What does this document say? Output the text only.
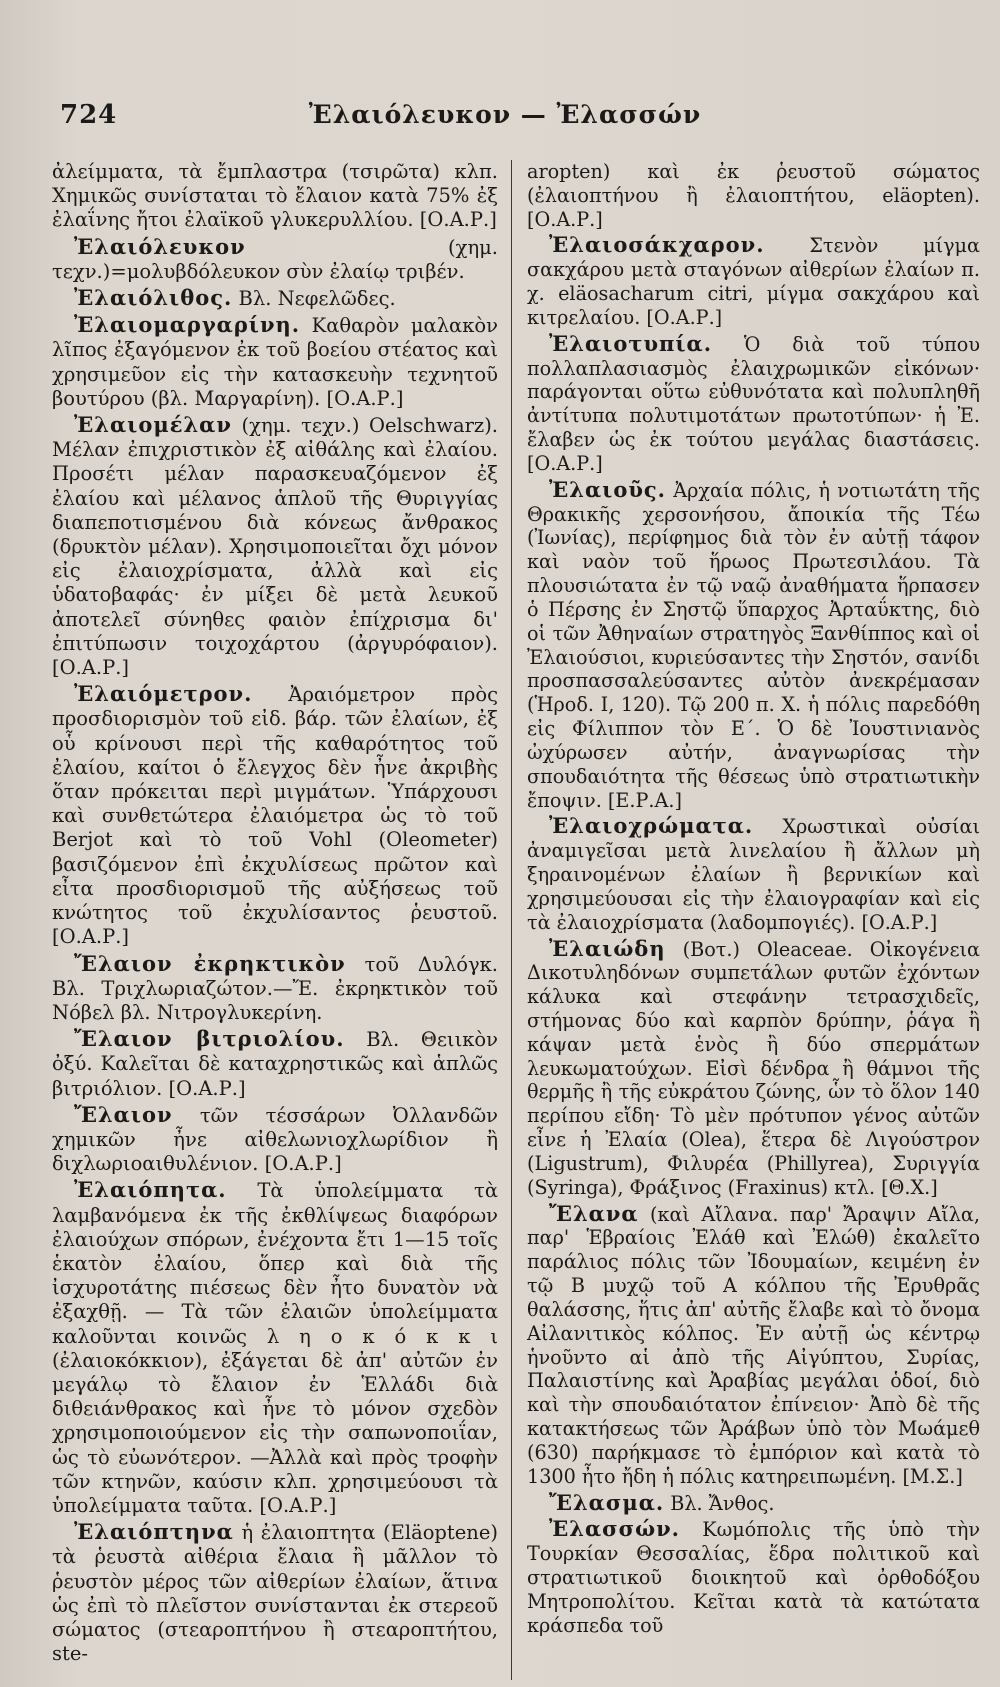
724	Ἐλαιόλευκον — Ἐλασσών

ἀλείμματα, τὰ ἔμπλαστρα (τσιρῶτα) κλπ. Χημικῶς συνίσταται τὸ ἔλαιον κατὰ 75% ἐξ ἐλαΐνης ἤτοι ἐλαϊκοῦ γλυκερυλλίου. [Ο.Α.Ρ.]

Ἐλαιόλευκον	(χημ. τεχν.)=μολυβδόλευκον σὺν ἐλαίῳ τριβέν.

Ἐλαιόλιθος. Βλ. Νεφελῶδες.

Ἐλαιομαργαρίνη. Καθαρὸν μαλακὸν λῖπος ἐξαγόμενον ἐκ τοῦ βοείου στέατος καὶ χρησιμεῦον εἰς τὴν κατασκευὴν τεχνητοῦ βουτύρου (βλ. Μαργαρίνη). [Ο.Α.Ρ.]

Ἐλαιομέλαν (χημ. τεχν.) Oelschwarz). Μέλαν ἐπιχριστικὸν ἐξ αἰθάλης καὶ ἐλαίου. Προσέτι μέλαν παρασκευαζόμενον ἐξ ἐλαίου καὶ μέλανος ἁπλοῦ τῆς Θυριγγίας διαπεποτισμένου διὰ κόνεως ἄνθρακος (δρυκτὸν μέλαν). Χρησιμοποιεῖται ὄχι μόνον εἰς ἐλαιοχρίσματα, ἀλλὰ καὶ εἰς ὑδατοβαφάς· ἐν μίξει δὲ μετὰ λευκοῦ ἀποτελεῖ σύνηθες φαιὸν ἐπίχρισμα δι' ἐπιτύπωσιν τοιχοχάρτου (ἀργυρόφαιον). [Ο.Α.Ρ.]

Ἐλαιόμετρον. Ἀραιόμετρον πρὸς προσδιορισμὸν τοῦ εἰδ. βάρ. τῶν ἐλαίων, ἐξ οὗ κρίνουσι περὶ τῆς καθαρότητος τοῦ ἐλαίου, καίτοι ὁ ἔλεγχος δὲν ἦνε ἀκριβὴς ὅταν πρόκειται περὶ μιγμάτων. Ὑπάρχουσι καὶ συνθετώτερα ἐλαιόμετρα ὡς τὸ τοῦ Berjot καὶ τὸ τοῦ Vohl (Oleometer) βασιζόμενον ἐπὶ ἐκχυλίσεως πρῶτον καὶ εἶτα προσδιορισμοῦ τῆς αὐξήσεως τοῦ κνώτητος τοῦ ἐκχυλίσαντος ῥευστοῦ. [Ο.Α.Ρ.]

Ἔλαιον ἐκρηκτικὸν τοῦ Δυλόγκ. Βλ. Τριχλωριαζώτον.—Ἔ. ἐκρηκτικὸν τοῦ Νόβελ βλ. Νιτρογλυκερίνη.

Ἔλαιον βιτριολίου. Βλ. Θειικὸν ὀξύ. Καλεῖται δὲ καταχρηστικῶς καὶ ἁπλῶς βιτριόλιον. [Ο.Α.Ρ.]

Ἔλαιον τῶν τέσσάρων Ὀλλανδῶν χημικῶν ἦνε αἰθελωνιοχλωρίδιον ἢ διχλωριοαιθυλένιον. [Ο.Α.Ρ.]

Ἐλαιόπητα. Τὰ ὑπολείμματα τὰ λαμβανόμενα ἐκ τῆς ἐκθλίψεως διαφόρων ἐλαιούχων σπόρων, ἐνέχοντα ἔτι 1—15 τοῖς ἑκατὸν ἐλαίου, ὅπερ καὶ διὰ τῆς ἰσχυροτάτης πιέσεως δὲν ἦτο δυνατὸν νὰ ἐξαχθῇ. — Τὰ τῶν ἐλαιῶν ὑπολείμματα καλοῦνται κοινῶς λ η ο κ ό κ κ ι (ἐλαιοκόκκιον), ἐξάγεται δὲ ἀπ' αὐτῶν ἐν μεγάλῳ τὸ ἔλαιον ἐν Ἑλλάδι διὰ διθειάνθρακος καὶ ἦνε τὸ μόνον σχεδὸν χρησιμοποιούμενον εἰς τὴν σαπωνοποιΐαν, ὡς τὸ εὐωνότερον. —Ἀλλὰ καὶ πρὸς τροφὴν τῶν κτηνῶν, καύσιν κλπ. χρησιμεύουσι τὰ ὑπολείμματα ταῦτα. [Ο.Α.Ρ.]

Ἐλαιόπτηνα ἡ ἐλαιοπτητα (Eläoptene) τὰ ῥευστὰ αἰθέρια ἔλαια ἢ μᾶλλον τὸ ῥευστὸν μέρος τῶν αἰθερίων ἐλαίων, ἅτινα ὡς ἐπὶ τὸ πλεῖστον συνίστανται ἐκ στερεοῦ σώματος (στεαροπτήνου ἢ στεαροπτήτου, ste-

aropten) καὶ ἐκ ῥευστοῦ σώματος (ἐλαιοπτήνου ἢ ἐλαιοπτήτου, eläopten). [Ο.Α.Ρ.]

Ἐλαιοσάκχαρον. Στενὸν μίγμα σακχάρου μετὰ σταγόνων αἰθερίων ἐλαίων π. χ. eläosacharum citri, μίγμα σακχάρου καὶ κιτρελαίου. [Ο.Α.Ρ.]

Ἐλαιοτυπία. Ὁ διὰ τοῦ τύπου πολλαπλασιασμὸς ἐλαιχρωμικῶν εἰκόνων· παράγονται οὕτω εὐθυνότατα καὶ πολυπληθῆ ἀντίτυπα πολυτιμοτάτων πρωτοτύπων· ἡ Ἐ. ἔλαβεν ὡς ἐκ τούτου μεγάλας διαστάσεις. [Ο.Α.Ρ.]

Ἐλαιοῦς. Ἀρχαία πόλις, ἡ νοτιωτάτη τῆς Θρακικῆς χερσονήσου, ἄποικία τῆς Τέω (Ἰωνίας), περίφημος διὰ τὸν ἐν αὐτῇ τάφον καὶ ναὸν τοῦ ἥρωος Πρωτεσιλάου. Τὰ πλουσιώτατα ἐν τῷ ναῷ ἀναθήματα ἥρπασεν ὁ Πέρσης ἐν Σηστῷ ὕπαρχος Ἀρταΰκτης, διὸ οἱ τῶν Ἀθηναίων στρατηγὸς Ξανθίππος καὶ οἱ Ἐλαιούσιοι, κυριεύσαντες τὴν Σηστόν, σανίδι προσπασσαλεύσαντες αὐτὸν ἀνεκρέμασαν (Ἡροδ. Ι, 120). Τῷ 200 π. Χ. ἡ πόλις παρεδόθη εἰς Φίλιππον τὸν Ε΄. Ὁ δὲ Ἰουστινιανὸς ὠχύρωσεν αὐτήν, ἀναγνωρίσας τὴν σπουδαιότητα τῆς θέσεως ὑπὸ στρατιωτικὴν ἔποψιν. [Ε.Ρ.Α.]

Ἐλαιοχρώματα. Χρωστικαὶ οὐσίαι ἀναμιγεῖσαι μετὰ λινελαίου ἢ ἄλλων μὴ ξηραινομένων ἐλαίων ἢ βερνικίων καὶ χρησιμεύουσαι εἰς τὴν ἐλαιογραφίαν καὶ εἰς τὰ ἐλαιοχρίσματα (λαδομπογιές). [Ο.Α.Ρ.]

Ἐλαιώδη (Βοτ.) Oleaceae. Οἰκογένεια Δικοτυληδόνων συμπετάλων φυτῶν ἐχόντων κάλυκα καὶ στεφάνην τετρασχιδεῖς, στήμονας δύο καὶ καρπὸν δρύπην, ῥάγα ἢ κάψαν μετὰ ἑνὸς ἢ δύο σπερμάτων λευκωματούχων. Εἰσὶ δένδρα ἢ θάμνοι τῆς θερμῆς ἢ τῆς εὐκράτου ζώνης, ὧν τὸ ὅλον 140 περίπου εἴδη· Τὸ μὲν πρότυπον γένος αὐτῶν εἶνε ἡ Ἐλαία (Olea), ἕτερα δὲ Λιγούστρον (Ligustrum), Φιλυρέα (Phillyrea), Συριγγία (Syringa), Φράξινος (Fraxinus) κτλ. [Θ.Χ.]

Ἔλανα (καὶ Αἴλανα. παρ' Ἄραψιν Αἴλα, παρ' Ἑβραίοις Ἐλάθ καὶ Ἐλώθ) ἐκαλεῖτο παράλιος πόλις τῶν Ἰδουμαίων, κειμένη ἐν τῷ Β μυχῷ τοῦ Α κόλπου τῆς Ἐρυθρᾶς θαλάσσης, ἥτις ἀπ' αὐτῆς ἔλαβε καὶ τὸ ὄνομα Αἰλανιτικὸς κόλπος. Ἐν αὐτῇ ὡς κέντρῳ ἡνοῦντο αἱ ἀπὸ τῆς Αἰγύπτου, Συρίας, Παλαιστίνης καὶ Ἀραβίας μεγάλαι ὁδοί, διὸ καὶ τὴν σπουδαιότατον ἐπίνειον· Ἀπὸ δὲ τῆς κατακτήσεως τῶν Ἀράβων ὑπὸ τὸν Μωάμεθ (630) παρήκμασε τὸ ἐμπόριον καὶ κατὰ τὸ 1300 ἦτο ἤδη ἡ πόλις κατηρειπωμένη. [Μ.Σ.]

Ἔλασμα. Βλ. Ἄνθος.

Ἐλασσών. Κωμόπολις τῆς ὑπὸ τὴν Τουρκίαν Θεσσαλίας, ἕδρα πολιτικοῦ καὶ στρατιωτικοῦ διοικητοῦ καὶ ὀρθοδόξου Μητροπολίτου. Κεῖται κατὰ τὰ κατώτατα κράσπεδα τοῦ
